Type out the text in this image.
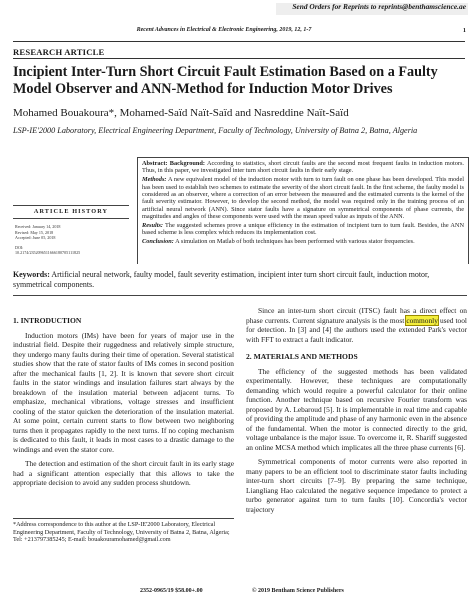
Send Orders for Reprints to reprints@benthamscience.ae
Recent Advances in Electrical & Electronic Engineering, 2019, 12, 1-7	1
RESEARCH ARTICLE
Incipient Inter-Turn Short Circuit Fault Estimation Based on a Faulty Model Observer and ANN-Method for Induction Motor Drives
Mohamed Bouakoura*, Mohamed-Saïd Naït-Saïd and Nasreddine Naït-Saïd
LSP-IE'2000 Laboratory, Electrical Engineering Department, Faculty of Technology, University of Batna 2, Batna, Algeria

Abstract: Background: According to statistics, short circuit faults are the second most frequent faults in induction motors. Thus, in this paper, we investigated inter turn short circuit faults in their early stage.

Methods: A new equivalent model of the induction motor with turn to turn fault on one phase has been developed. This model has been used to establish two schemes to estimate the severity of the short circuit fault. In the first scheme, the faulty model is considered as an observer, where a correction of an error between the measured and the estimated currents is the kernel of the fault severity estimator. However, to develop the second method, the model was required only in the training process of an artificial neural network (ANN). Since stator faults have a signature on symmetrical components of phase currents, the magnitudes and angles of these components were used with the mean speed value as inputs of the ANN.

Results: The suggested schemes prove a unique efficiency in the estimation of incipient turn to turn fault. Besides, the ANN based scheme is less complex which reduces its implementation cost.

Conclusion: A simulation on Matlab of both techniques has been performed with various stator frequencies.

ARTICLE HISTORY
Received: January 14, 2018
Revised: May 15, 2018
Accepted: June 05, 2018
DOI:
10.2174/2352096511666180705111825
Keywords: Artificial neural network, faulty model, fault severity estimation, incipient inter turn short circuit fault, induction motor, symmetrical components.
1. INTRODUCTION

Induction motors (IMs) have been for years of major use in the industrial field. Despite their ruggedness and relatively simple structure, they undergo many faults during their time of operation. Several statistical studies show that the rate of stator faults of IMs comes in second position after the mechanical faults [1, 2]. It is known that severe short circuit faults in the stator windings and insulation failures start always by the breakdown of the insulation material between adjacent turns. To emphasize, mechanical vibrations, voltage stresses and insufficient cooling of the stator quicken the deterioration of the insulation material. At some point, certain current starts to flow between two neighboring turns then it propagates rapidly to the next turns. If no coping mechanism is dedicated to this fault, it leads in most cases to a drastic damage to the windings and even the stator core.

The detection and estimation of the short circuit fault in its early stage had a significant attention especially that this allows to take the appropriate decision to avoid any sudden process shutdown.

*Address correspondence to this author at the LSP-IE'2000 Laboratory, Electrical Engineering Department, Faculty of Technology, University of Batna 2, Batna, Algeria; Tel: +213797385245; E-mail: bouakouramohamed@gmail.com

Since an inter-turn short circuit (ITSC) fault has a direct effect on phase currents. Current signature analysis is the most commonly used tool for detection. In [3] and [4] the authors used the extended Park's vector with FFT to extract a fault indicator.

2. MATERIALS AND METHODS

The efficiency of the suggested methods has been validated experimentally. However, these techniques are computationally demanding which would require a powerful calculator for their online function. Another technique based on recursive Fourier transform was proposed by A. Lebaroud [5]. It is implementable in real time and capable of providing the amplitude and phase of any harmonic even in the absence of the fundamental. When the motor is connected directly to the grid, voltage unbalance is the major issue. To overcome it, R. Shariff suggested an online MCSA method which implicates all the three phase currents [6].

Symmetrical components of motor currents were also reported in many papers to be an efficient tool to discriminate stator faults including inter-turn short circuits [7–9]. By preparing the same technique, Liangliang Hao calculated the negative sequence impedance to protect a turbo generator against turn to turn faults [10]. Concordia's vector trajectory

2352-0965/19 $58.00+.00	© 2019 Bentham Science Publishers
